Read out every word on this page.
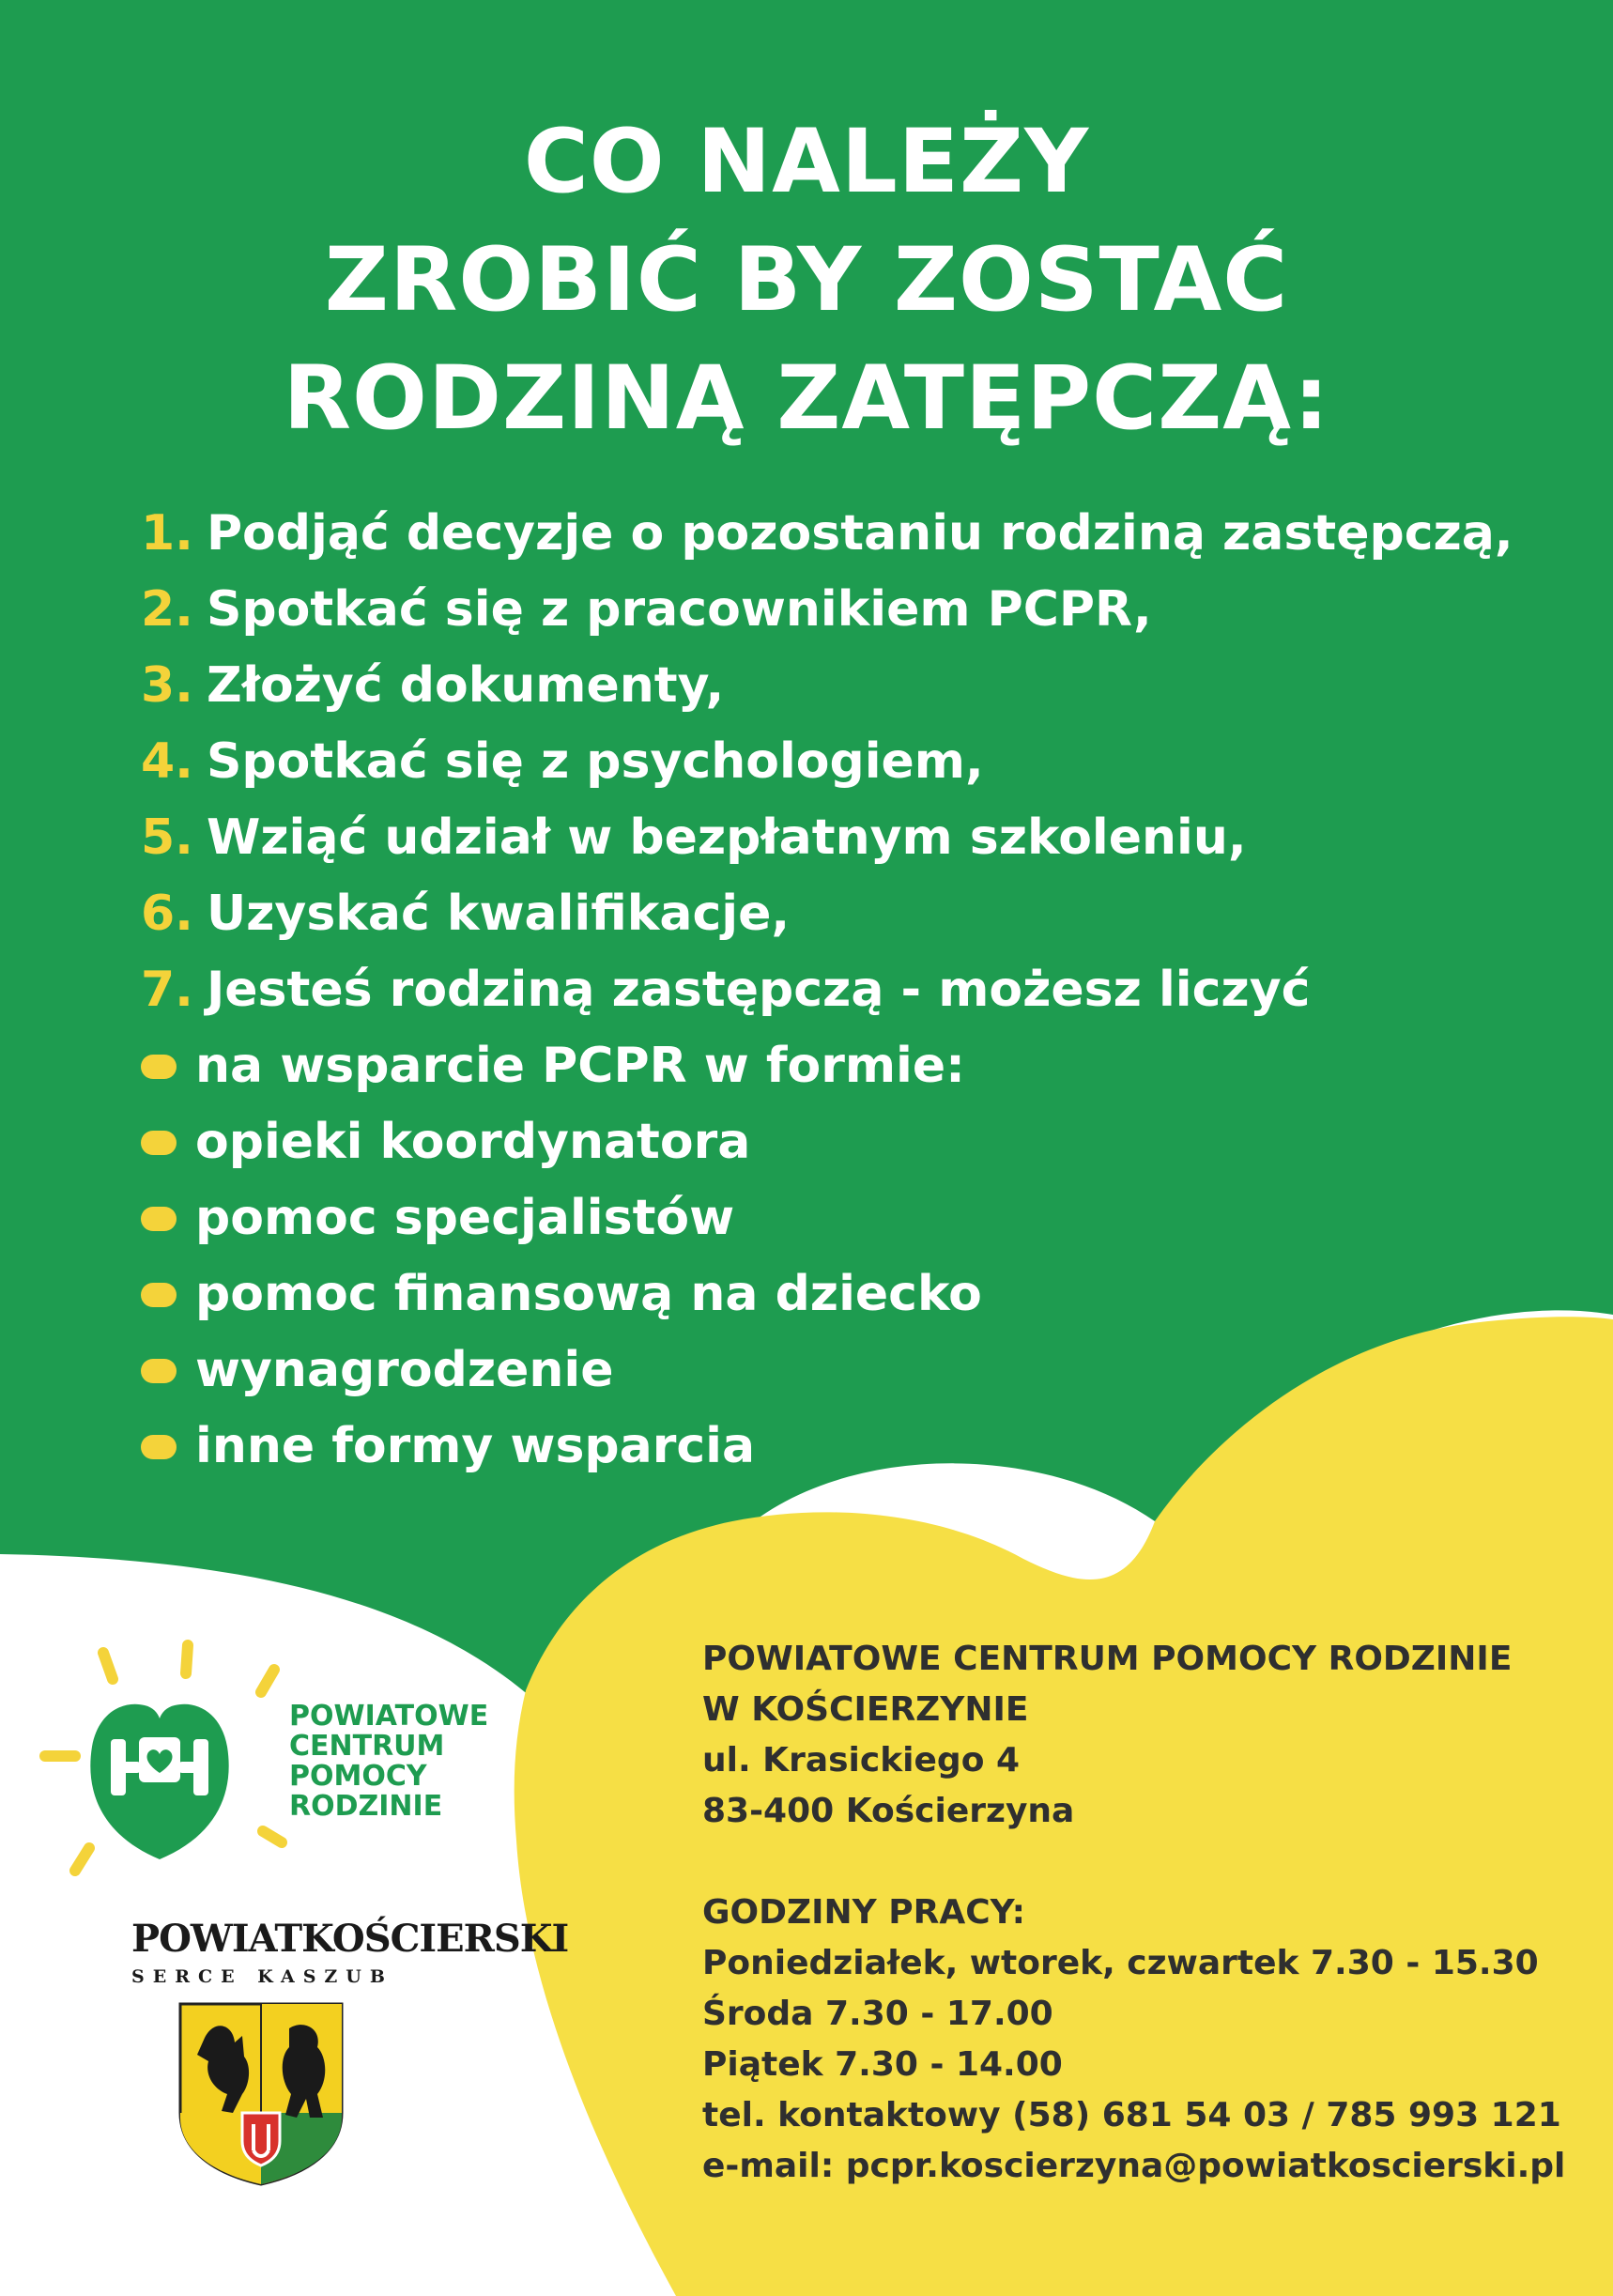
CO NALEŻY
ZROBIĆ BY ZOSTAĆ
RODZINĄ ZATĘPCZĄ:
1. Podjąć decyzje o pozostaniu rodziną zastępczą,
2. Spotkać się z pracownikiem PCPR,
3. Złożyć dokumenty,
4. Spotkać się z psychologiem,
5. Wziąć udział w bezpłatnym szkoleniu,
6. Uzyskać kwalifikacje,
7. Jesteś rodziną zastępczą - możesz liczyć
na wsparcie PCPR w formie:
opieki koordynatora
pomoc specjalistów
pomoc finansową na dziecko
wynagrodzenie
inne formy wsparcia
POWIATOWE
CENTRUM
POMOCY
RODZINIE
POWIATKOŚCIERSKI
SERCE KASZUB
POWIATOWE CENTRUM POMOCY RODZINIE
W KOŚCIERZYNIE
ul. Krasickiego 4
83-400 Kościerzyna
GODZINY PRACY:
Poniedziałek, wtorek, czwartek 7.30 - 15.30
Środa 7.30 - 17.00
Piątek 7.30 - 14.00
tel. kontaktowy (58) 681 54 03 / 785 993 121
e-mail: pcpr.koscierzyna@powiatkoscierski.pl
